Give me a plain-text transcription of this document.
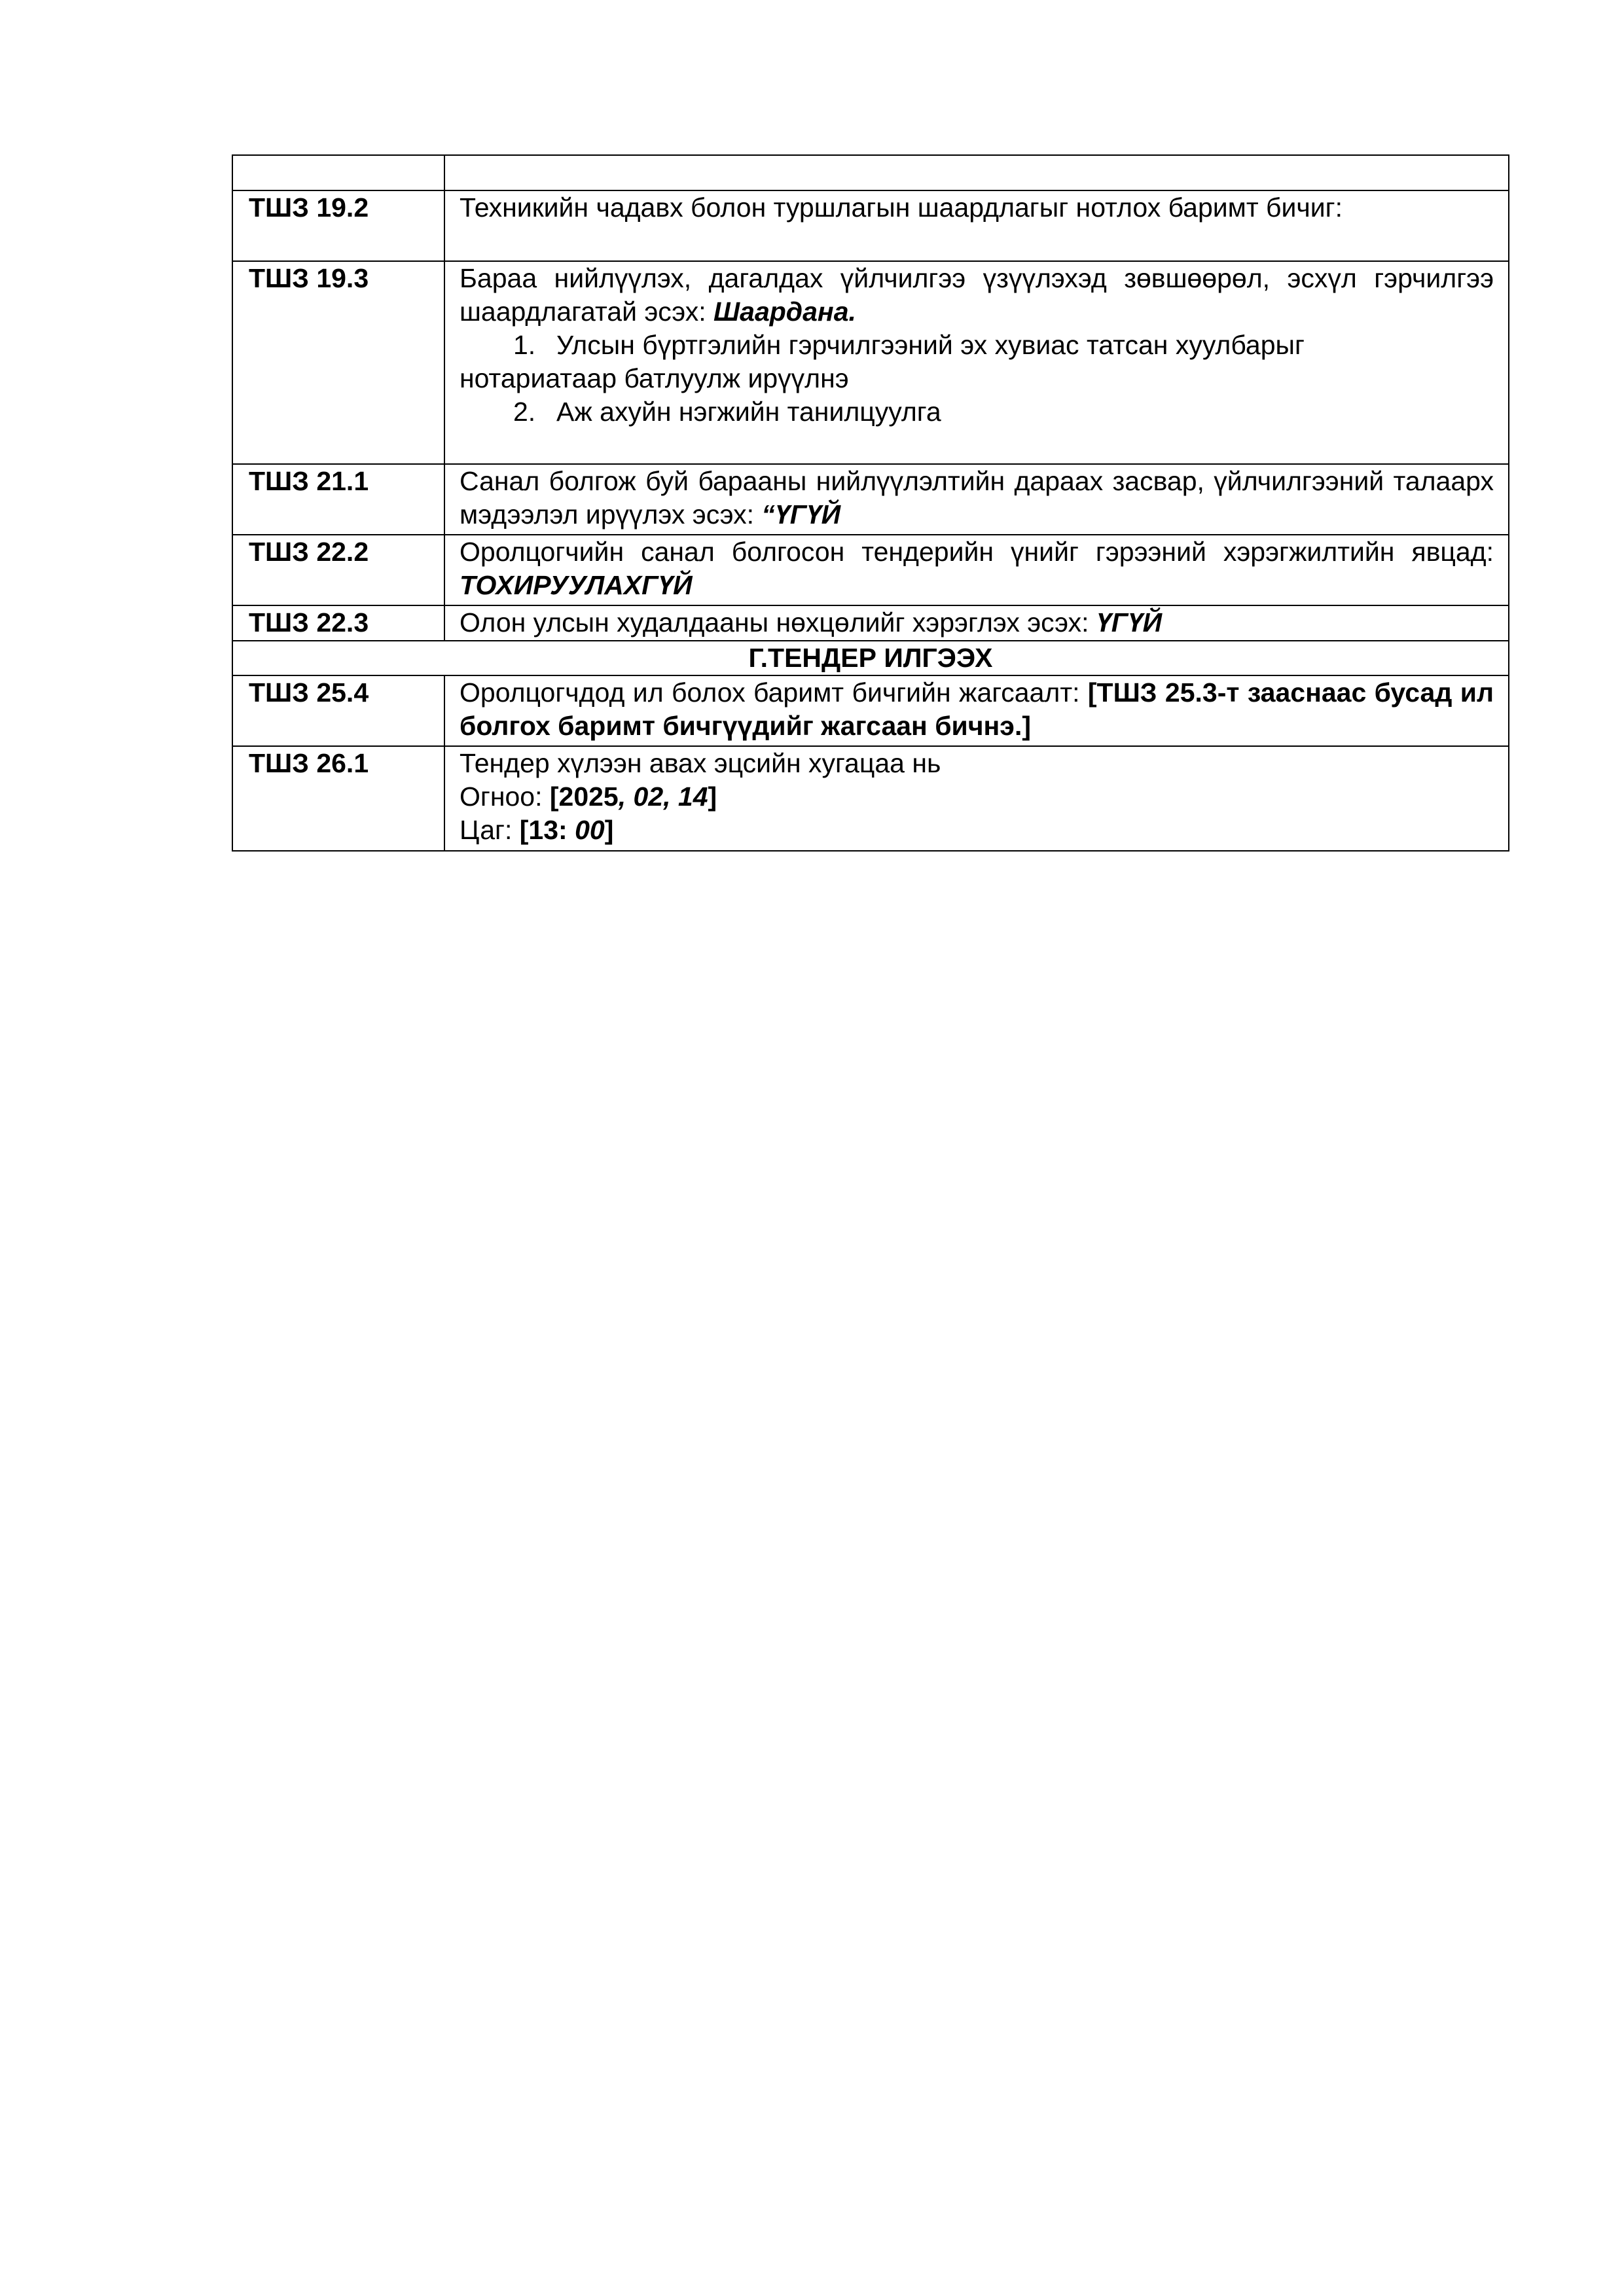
ТШЗ 19.2	Техникийн чадавх болон туршлагын шаардлагыг нотлох баримт бичиг:
ТШЗ 19.3	Бараа нийлүүлэх, дагалдах үйлчилгээ үзүүлэхэд зөвшөөрөл, эсхүл гэрчилгээ шаардлагатай эсэх: Шаардана.
1. Улсын бүртгэлийн гэрчилгээний эх хувиас татсан хуулбарыг
нотариатаар батлуулж ирүүлнэ
2. Аж ахуйн нэгжийн танилцуулга

ТШЗ 21.1	Санал болгож буй барааны нийлүүлэлтийн дараах засвар, үйлчилгээний талаарх мэдээлэл ирүүлэх эсэх: “ҮГҮЙ
ТШЗ 22.2	Оролцогчийн санал болгосон тендерийн үнийг гэрээний хэрэгжилтийн явцад: ТОХИРУУЛАХГҮЙ
ТШЗ 22.3	Олон улсын худалдааны нөхцөлийг хэрэглэх эсэх: ҮГҮЙ
Г.ТЕНДЕР ИЛГЭЭХ	
ТШЗ 25.4	Оролцогчдод ил болох баримт бичгийн жагсаалт: [ТШЗ 25.3-т зааснаас бусад ил болгох баримт бичгүүдийг жагсаан бичнэ.]
ТШЗ 26.1	Тендер хүлээн авах эцсийн хугацаа нь
Огноо: [2025, 02, 14]
Цаг: [13: 00]
